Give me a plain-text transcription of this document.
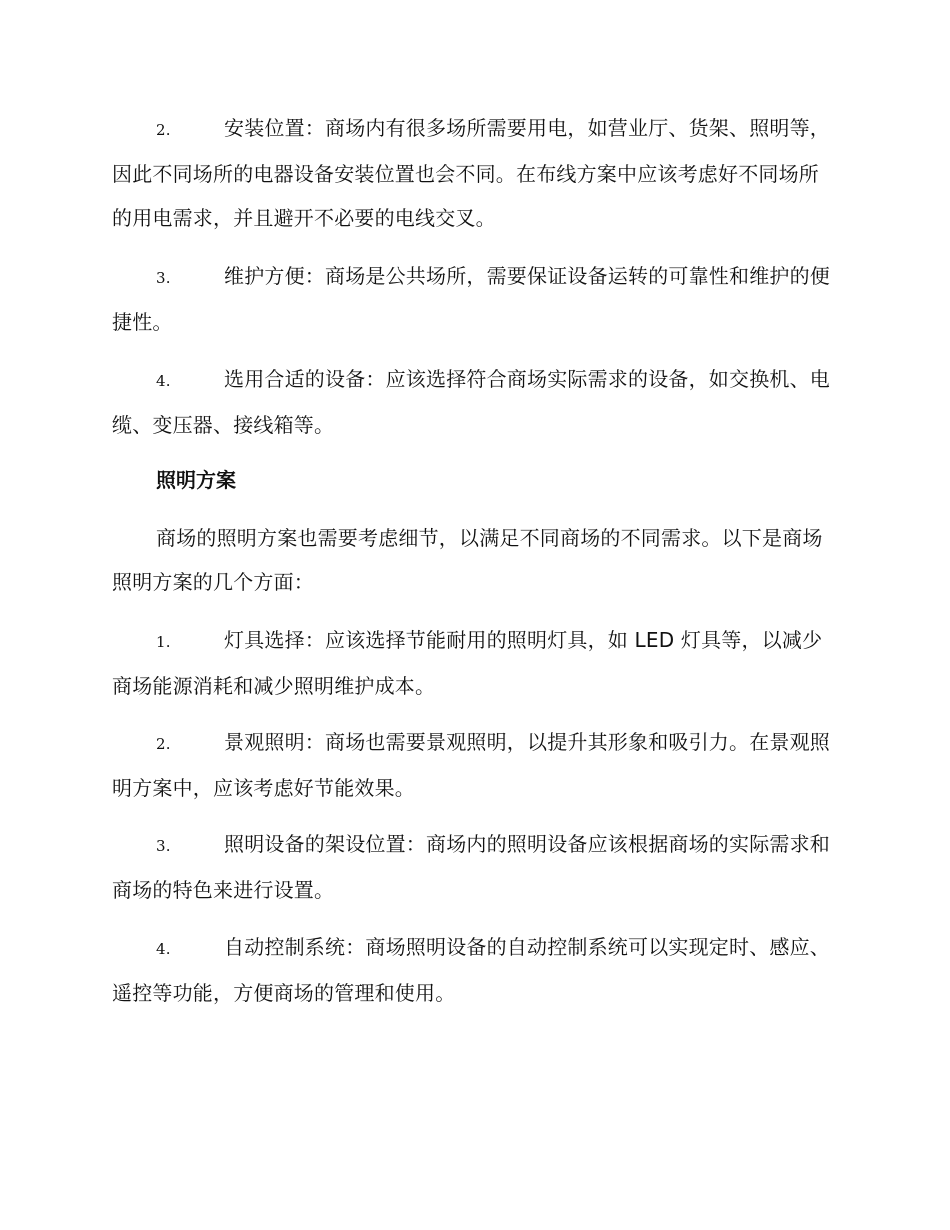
2.	安装位置：商场内有很多场所需要用电，如营业厅、货架、照明等，因此不同场所的电器设备安装位置也会不同。在布线方案中应该考虑好不同场所的用电需求，并且避开不必要的电线交叉。
3.	维护方便：商场是公共场所，需要保证设备运转的可靠性和维护的便捷性。
4.	选用合适的设备：应该选择符合商场实际需求的设备，如交换机、电缆、变压器、接线箱等。
照明方案
商场的照明方案也需要考虑细节，以满足不同商场的不同需求。以下是商场照明方案的几个方面：
1.	灯具选择：应该选择节能耐用的照明灯具，如 LED 灯具等，以减少商场能源消耗和减少照明维护成本。
2.	景观照明：商场也需要景观照明，以提升其形象和吸引力。在景观照明方案中，应该考虑好节能效果。
3.	照明设备的架设位置：商场内的照明设备应该根据商场的实际需求和商场的特色来进行设置。
4.	自动控制系统：商场照明设备的自动控制系统可以实现定时、感应、遥控等功能，方便商场的管理和使用。
